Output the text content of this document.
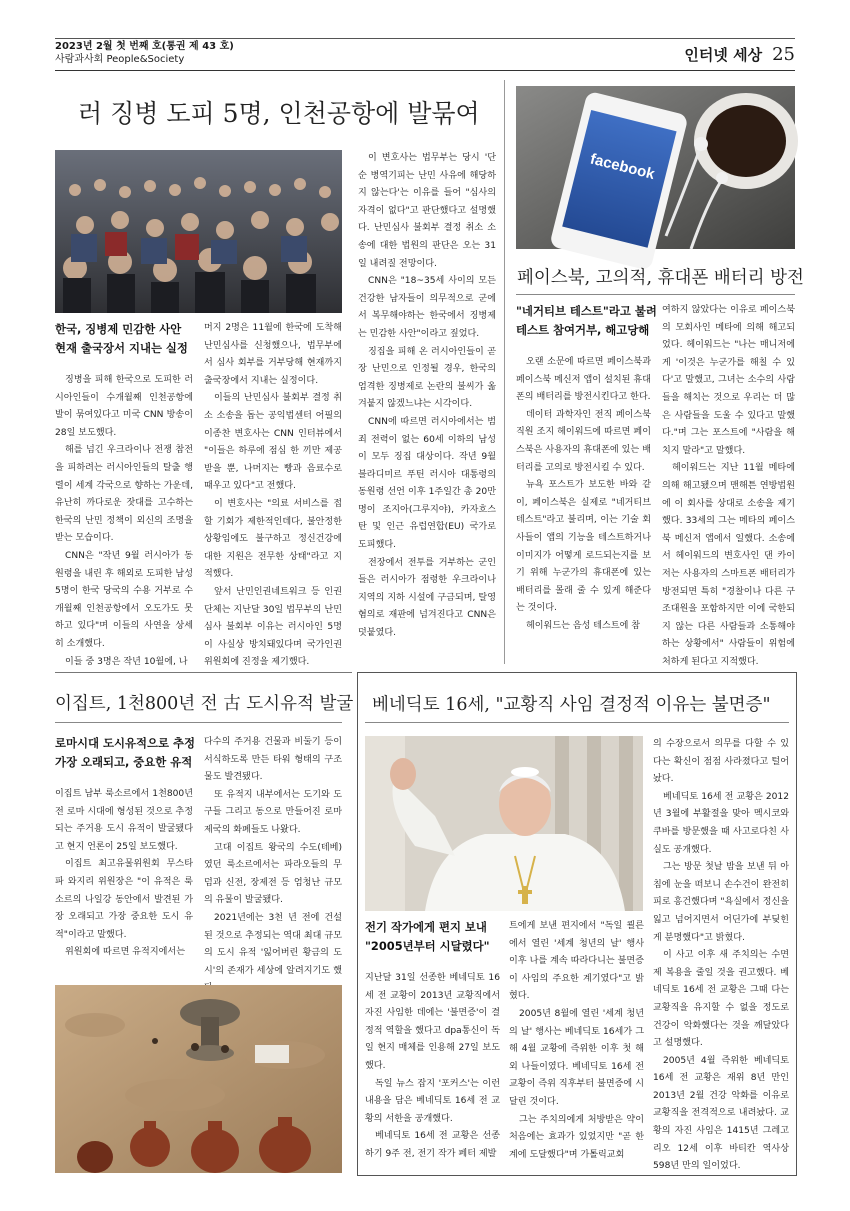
2023년 2월 첫 번째 호(통권 제 43 호)
사람과사회 People&Society	인터넷 세상 25
러 징병 도피 5명, 인천공항에 발묶여
한국, 징병제 민감한 사안
현재 출국장서 지내는 실정

징병을 피해 한국으로 도피한 러시아인들이 수개월째 인천공항에 발이 묶여있다고 미국 CNN 방송이 28일 보도했다.

해를 넘긴 우크라이나 전쟁 참전을 피하려는 러시아인들의 탈출 행렬이 세계 각국으로 향하는 가운데, 유난히 까다로운 잣대를 고수하는 한국의 난민 정책이 외신의 조명을 받는 모습이다.

CNN은 "작년 9월 러시아가 동원령을 내린 후 해외로 도피한 남성 5명이 한국 당국의 수용 거부로 수개월째 인천공항에서 오도가도 못하고 있다"며 이들의 사연을 상세히 소개했다.

이들 중 3명은 작년 10월에, 나

머지 2명은 11월에 한국에 도착해 난민심사를 신청했으나, 법무부에서 심사 회부를 거부당해 현재까지 출국장에서 지내는 실정이다.

이들의 난민심사 불회부 결정 취소 소송을 돕는 공익법센터 어필의 이종찬 변호사는 CNN 인터뷰에서 "이들은 하루에 점심 한 끼만 제공받을 뿐, 나머지는 빵과 음료수로 때우고 있다"고 전했다.

이 변호사는 "의료 서비스를 접할 기회가 제한적인데다, 불안정한 상황임에도 불구하고 정신건강에 대한 지원은 전무한 상태"라고 지적했다.

앞서 난민인권네트워크 등 인권단체는 지난달 30일 법무부의 난민심사 불회부 이유는 러시아인 5명이 사실상 방치돼있다며 국가인권위원회에 진정을 제기했다.

이 변호사는 법무부는 당시 '단순 병역기피는 난민 사유에 해당하지 않는다'는 이유를 들어 "심사의 자격이 없다"고 판단했다고 설명했다. 난민심사 불회부 결정 취소 소송에 대한 법원의 판단은 오는 31일 내려질 전망이다.

CNN은 "18~35세 사이의 모든 건강한 남자들이 의무적으로 군에서 복무해야하는 한국에서 징병제는 민감한 사안"이라고 짚었다.

징집을 피해 온 러시아인들이 곧장 난민으로 인정될 경우, 한국의 엄격한 징병제로 논란의 불씨가 옮겨붙지 않겠느냐는 시각이다.

CNN에 따르면 러시아에서는 범죄 전력이 없는 60세 이하의 남성이 모두 징집 대상이다. 작년 9월 블라디미르 푸틴 러시아 대통령의 동원령 선언 이후 1주일간 총 20만명이 조지아(그루지야), 카자흐스탄 및 인근 유럽연합(EU) 국가로 도피했다.

전장에서 전투를 거부하는 군인들은 러시아가 점령한 우크라이나 지역의 지하 시설에 구금되며, 탈영 혐의로 재판에 넘겨진다고 CNN은 덧붙였다.

facebook
페이스북, 고의적, 휴대폰 배터리 방전
"네거티브 테스트"라고 불려
테스트 참여거부, 해고당해

오랜 소문에 따르면 페이스북과 페이스북 메신저 앱이 설치된 휴대폰의 배터리를 방전시킨다고 한다.

데이터 과학자인 전직 페이스북 직원 조지 헤이워드에 따르면 페이스북은 사용자의 휴대폰에 있는 배터리를 고의로 방전시킬 수 있다.

뉴욕 포스트가 보도한 바와 같이, 페이스북은 실제로 "네거티브 테스트"라고 불리며, 이는 기술 회사들이 앱의 기능을 테스트하거나 이미지가 어떻게 로드되는지를 보기 위해 누군가의 휴대폰에 있는 배터리를 몰래 줄 수 있게 해준다는 것이다.

헤이워드는 음성 테스트에 참

여하지 않았다는 이유로 페이스북의 모회사인 메타에 의해 해고되었다. 헤이워드는 "나는 매니저에게 '이것은 누군가를 해칠 수 있다'고 말했고, 그녀는 소수의 사람들을 해치는 것으로 우리는 더 많은 사람들을 도울 수 있다고 말했다."며 그는 포스트에 "사람을 해치지 말라"고 말했다.

헤이워드는 지난 11월 메타에 의해 해고됐으며 맨해튼 연방법원에 이 회사를 상대로 소송을 제기했다. 33세의 그는 메타의 페이스북 메신저 앱에서 일했다. 소송에서 헤이워드의 변호사인 댄 카이저는 사용자의 스마트폰 배터리가 방전되면 특히 "경찰이나 다른 구조대원을 포함하지만 이에 국한되지 않는 다른 사람들과 소통해야 하는 상황에서" 사람들이 위험에 처하게 된다고 지적했다.

이집트, 1천800년 전 古 도시유적 발굴
로마시대 도시유적으로 추정
가장 오래되고, 중요한 유적

이집트 남부 룩소르에서 1천800년 전 로마 시대에 형성된 것으로 추정되는 주거용 도시 유적이 발굴됐다고 현지 언론이 25일 보도했다.

이집트 최고유물위원회 무스타파 와지리 위원장은 "이 유적은 룩소르의 나일강 동안에서 발견된 가장 오래되고 가장 중요한 도시 유적"이라고 말했다.

위원회에 따르면 유적지에서는

다수의 주거용 건물과 비둘기 등이 서식하도록 만든 타워 형태의 구조물도 발견됐다.

또 유적지 내부에서는 도기와 도구들 그리고 동으로 만들어진 로마 제국의 화폐들도 나왔다.

고대 이집트 왕국의 수도(테베)였던 룩소르에서는 파라오들의 무덤과 신전, 장제전 등 엄청난 규모의 유물이 발굴됐다.

2021년에는 3천 년 전에 건설된 것으로 추정되는 역대 최대 규모의 도시 유적 '잃어버린 황금의 도시'의 존재가 세상에 알려지기도 했

베네딕토 16세, "교황직 사임 결정적 이유는 불면증"
전기 작가에게 편지 보내
"2005년부터 시달렸다"

지난달 31일 선종한 베네딕토 16세 전 교황이 2013년 교황직에서 자진 사임한 데에는 '불면증'이 결정적 역할을 했다고 dpa통신이 독일 현지 매체를 인용해 27일 보도했다.

독일 뉴스 잡지 '포커스'는 이런 내용을 담은 베네딕토 16세 전 교황의 서한을 공개했다.

베네딕토 16세 전 교황은 선종하기 9주 전, 전기 작가 페터 제발

트에게 보낸 편지에서 "독일 쾰른에서 열린 '세계 청년의 날' 행사 이후 나를 계속 따라다니는 불면증이 사임의 주요한 계기였다"고 밝혔다.

2005년 8월에 열린 '세계 청년의 날' 행사는 베네딕토 16세가 그해 4월 교황에 즉위한 이후 첫 해외 나들이였다. 베네딕토 16세 전 교황이 즉위 직후부터 불면증에 시달린 것이다.

그는 주치의에게 처방받은 약이 처음에는 효과가 있었지만 "곧 한계에 도달했다"며 가톨릭교회

의 수장으로서 의무를 다할 수 있다는 확신이 점점 사라졌다고 털어놨다.

베네딕토 16세 전 교황은 2012년 3월에 부활절을 맞아 멕시코와 쿠바를 방문했을 때 사고로다친 사실도 공개했다.

그는 방문 첫날 밤을 보낸 뒤 아침에 눈을 떠보니 손수건이 완전히 피로 흥건했다며 "욕실에서 정신을 잃고 넘어지면서 어딘가에 부딪힌 게 분명했다"고 밝혔다.

이 사고 이후 새 주치의는 수면제 복용을 줄일 것을 권고했다. 베네딕토 16세 전 교황은 그때 다는 교황직을 유지할 수 없을 정도로 건강이 악화했다는 것을 깨달았다고 설명했다.

2005년 4월 즉위한 베네딕토 16세 전 교황은 재위 8년 만인 2013년 2월 건강 악화를 이유로 교황직을 전격적으로 내려놨다. 교황의 자진 사임은 1415년 그레고리오 12세 이후 바티칸 역사상 598년 만의 일이었다.
